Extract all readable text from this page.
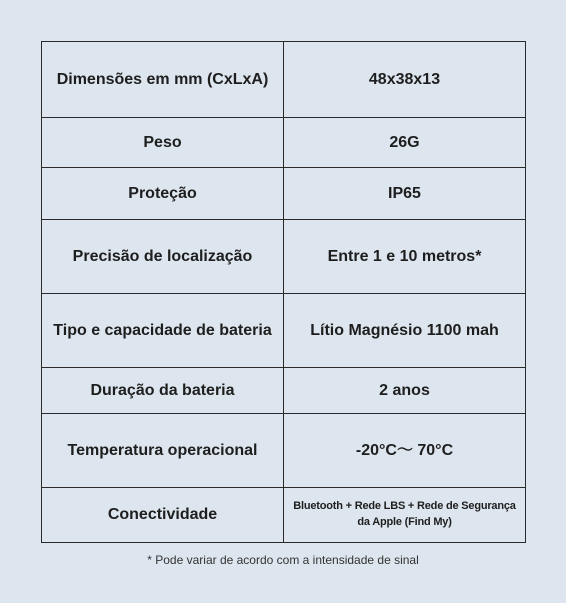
Dimensões em mm (CxLxA)	48x38x13
Peso	26G
Proteção	IP65
Precisão de localização	Entre 1 e 10 metros*
Tipo e capacidade de bateria	Lítio Magnésio 1100 mah
Duração da bateria	2 anos
Temperatura operacional	-20°C～ 70°C
Conectividade	Bluetooth + Rede LBS + Rede de Segurança da Apple (Find My)
* Pode variar de acordo com a intensidade de sinal
